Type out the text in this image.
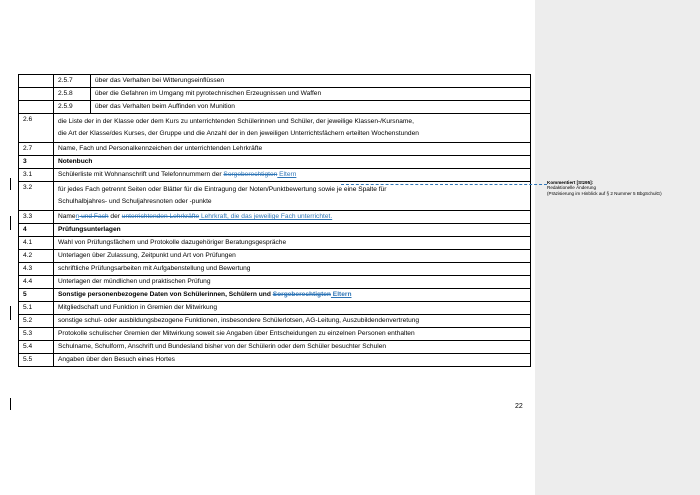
	2.5.7	über das Verhalten bei Witterungseinflüssen
	2.5.8	über die Gefahren im Umgang mit pyrotechnischen Erzeugnissen und Waffen
	2.5.9	über das Verhalten beim Auffinden von Munition
2.6	die Liste der in der Klasse oder dem Kurs zu unterrichtenden Schülerinnen und Schüler, der jeweilige Klassen-/Kursname,
die Art der Klasse/des Kurses, der Gruppe und die Anzahl der in den jeweiligen Unterrichtsfächern erteilten Wochenstunden	
2.7	Name, Fach und Personalkennzeichen der unterrichtenden Lehrkräfte	
3	Notenbuch	
3.1	Schülerliste mit Wohnanschrift und Telefonnummern der Sorgeberechtigten Eltern	
3.2	für jedes Fach getrennt Seiten oder Blätter für die Eintragung der Noten/Punktbewertung sowie je eine Spalte für
Schulhalbjahres- und Schuljahresnoten oder -punkte	
3.3	Namen und Fach der unterrichtenden Lehrkräfte Lehrkraft, die das jeweilige Fach unterrichtet.	
4	Prüfungsunterlagen	
4.1	Wahl von Prüfungsfächern und Protokolle dazugehöriger Beratungsgespräche	
4.2	Unterlagen über Zulassung, Zeitpunkt und Art von Prüfungen	
4.3	schriftliche Prüfungsarbeiten mit Aufgabenstellung und Bewertung	
4.4	Unterlagen der mündlichen und praktischen Prüfung	
5	Sonstige personenbezogene Daten von Schülerinnen, Schülern und Sorgeberechtigten Eltern	
5.1	Mitgliedschaft und Funktion in Gremien der Mitwirkung	
5.2	sonstige schul- oder ausbildungsbezogene Funktionen, insbesondere Schülerlotsen, AG-Leitung, Auszubildendenvertretung	
5.3	Protokolle schulischer Gremien der Mitwirkung soweit sie Angaben über Entscheidungen zu einzelnen Personen enthalten	
5.4	Schulname, Schulform, Anschrift und Bundesland bisher von der Schülerin oder dem Schüler besuchter Schulen	
5.5	Angaben über den Besuch eines Hortes	
22
Kommentiert [Stz95]:
Redaktionelle Änderung
(Präzisierung im Hinblick auf § 2 Nummer 5 BbgSchulG)
